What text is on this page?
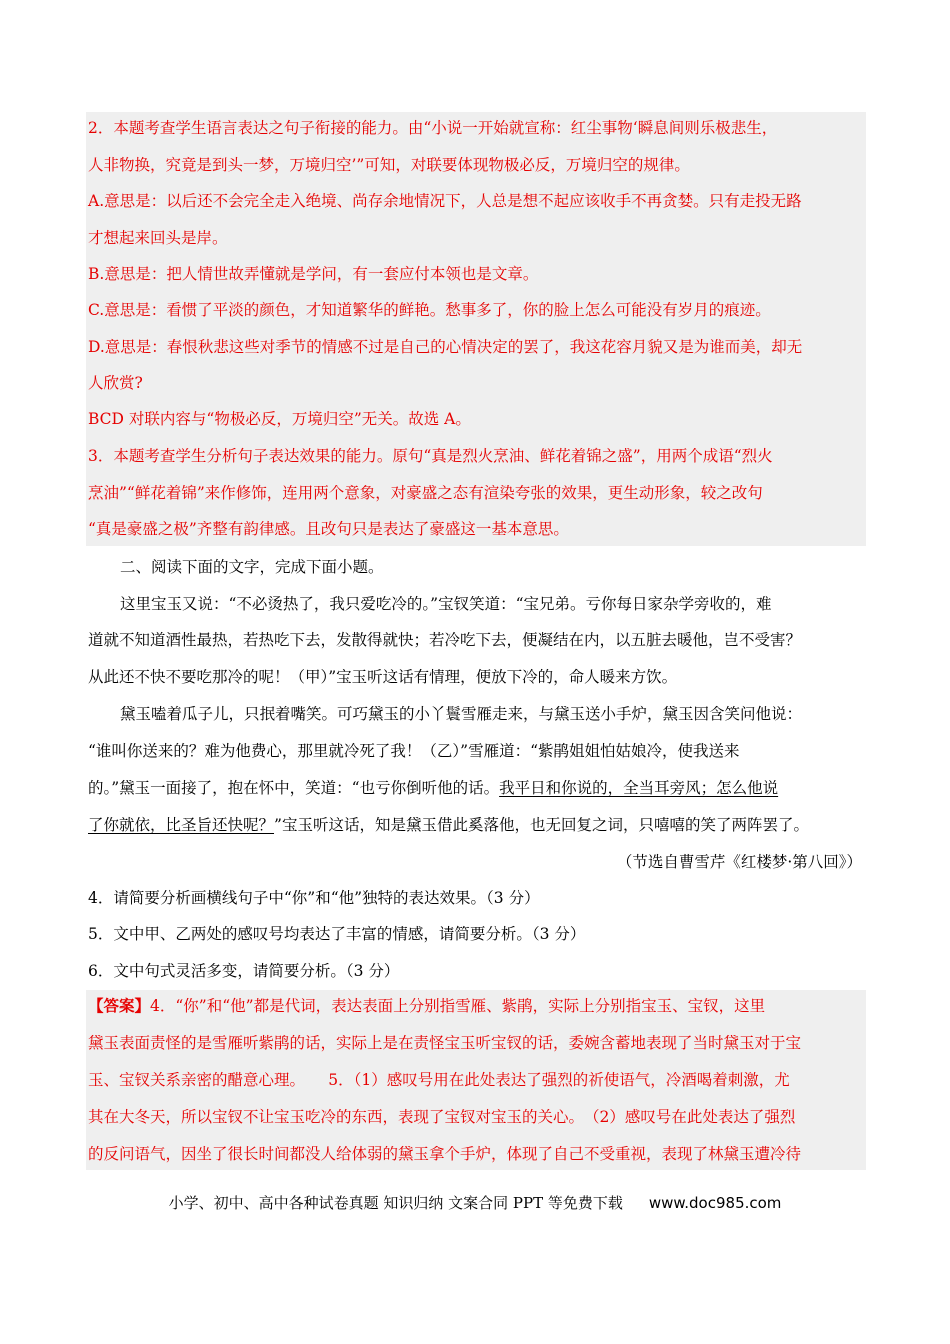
2．本题考查学生语言表达之句子衔接的能力。由“小说一开始就宣称：红尘事物‘瞬息间则乐极悲生，
人非物换，究竟是到头一梦，万境归空’”可知，对联要体现物极必反，万境归空的规律。
A.意思是：以后还不会完全走入绝境、尚存余地情况下，人总是想不起应该收手不再贪婪。只有走投无路
才想起来回头是岸。
B.意思是：把人情世故弄懂就是学问，有一套应付本领也是文章。
C.意思是：看惯了平淡的颜色，才知道繁华的鲜艳。愁事多了，你的脸上怎么可能没有岁月的痕迹。
D.意思是：春恨秋悲这些对季节的情感不过是自己的心情决定的罢了，我这花容月貌又是为谁而美，却无
人欣赏?
BCD 对联内容与“物极必反，万境归空”无关。故选 A。
3．本题考查学生分析句子表达效果的能力。原句“真是烈火烹油、鲜花着锦之盛”，用两个成语“烈火
烹油”“鲜花着锦”来作修饰，连用两个意象，对豪盛之态有渲染夸张的效果，更生动形象，较之改句
“真是豪盛之极”齐整有韵律感。且改句只是表达了豪盛这一基本意思。
二、阅读下面的文字，完成下面小题。
这里宝玉又说：“不必烫热了，我只爱吃冷的。”宝钗笑道：“宝兄弟。亏你每日家杂学旁收的，难
道就不知道酒性最热，若热吃下去，发散得就快；若冷吃下去，便凝结在内，以五脏去暖他，岂不受害？
从此还不快不要吃那冷的呢！（甲）”宝玉听这话有情理，便放下冷的，命人暖来方饮。
黛玉嗑着瓜子儿，只抿着嘴笑。可巧黛玉的小丫鬟雪雁走来，与黛玉送小手炉，黛玉因含笑问他说：
“谁叫你送来的？难为他费心，那里就冷死了我！（乙）”雪雁道：“紫鹃姐姐怕姑娘冷，使我送来
的。”黛玉一面接了，抱在怀中，笑道：“也亏你倒听他的话。我平日和你说的，全当耳旁风；怎么他说
了你就依，比圣旨还快呢？”宝玉听这话，知是黛玉借此奚落他，也无回复之词，只嘻嘻的笑了两阵罢了。
（节选自曹雪芹《红楼梦·第八回》）
4．请简要分析画横线句子中“你”和“他”独特的表达效果。（3 分）
5．文中甲、乙两处的感叹号均表达了丰富的情感，请简要分析。（3 分）
6．文中句式灵活多变，请简要分析。（3 分）
【答案】4．“你”和“他”都是代词，表达表面上分别指雪雁、紫鹃，实际上分别指宝玉、宝钗，这里
黛玉表面责怪的是雪雁听紫鹃的话，实际上是在责怪宝玉听宝钗的话，委婉含蓄地表现了当时黛玉对于宝
玉、宝钗关系亲密的醋意心理。　　5．（1）感叹号用在此处表达了强烈的祈使语气，冷酒喝着刺激，尤
其在大冬天，所以宝钗不让宝玉吃冷的东西，表现了宝钗对宝玉的关心。　（2）感叹号在此处表达了强烈
的反问语气，因坐了很长时间都没人给体弱的黛玉拿个手炉，体现了自己不受重视，表现了林黛玉遭冷待
小学、初中、高中各种试卷真题 知识归纳 文案合同 PPT 等免费下载 www.doc985.com
